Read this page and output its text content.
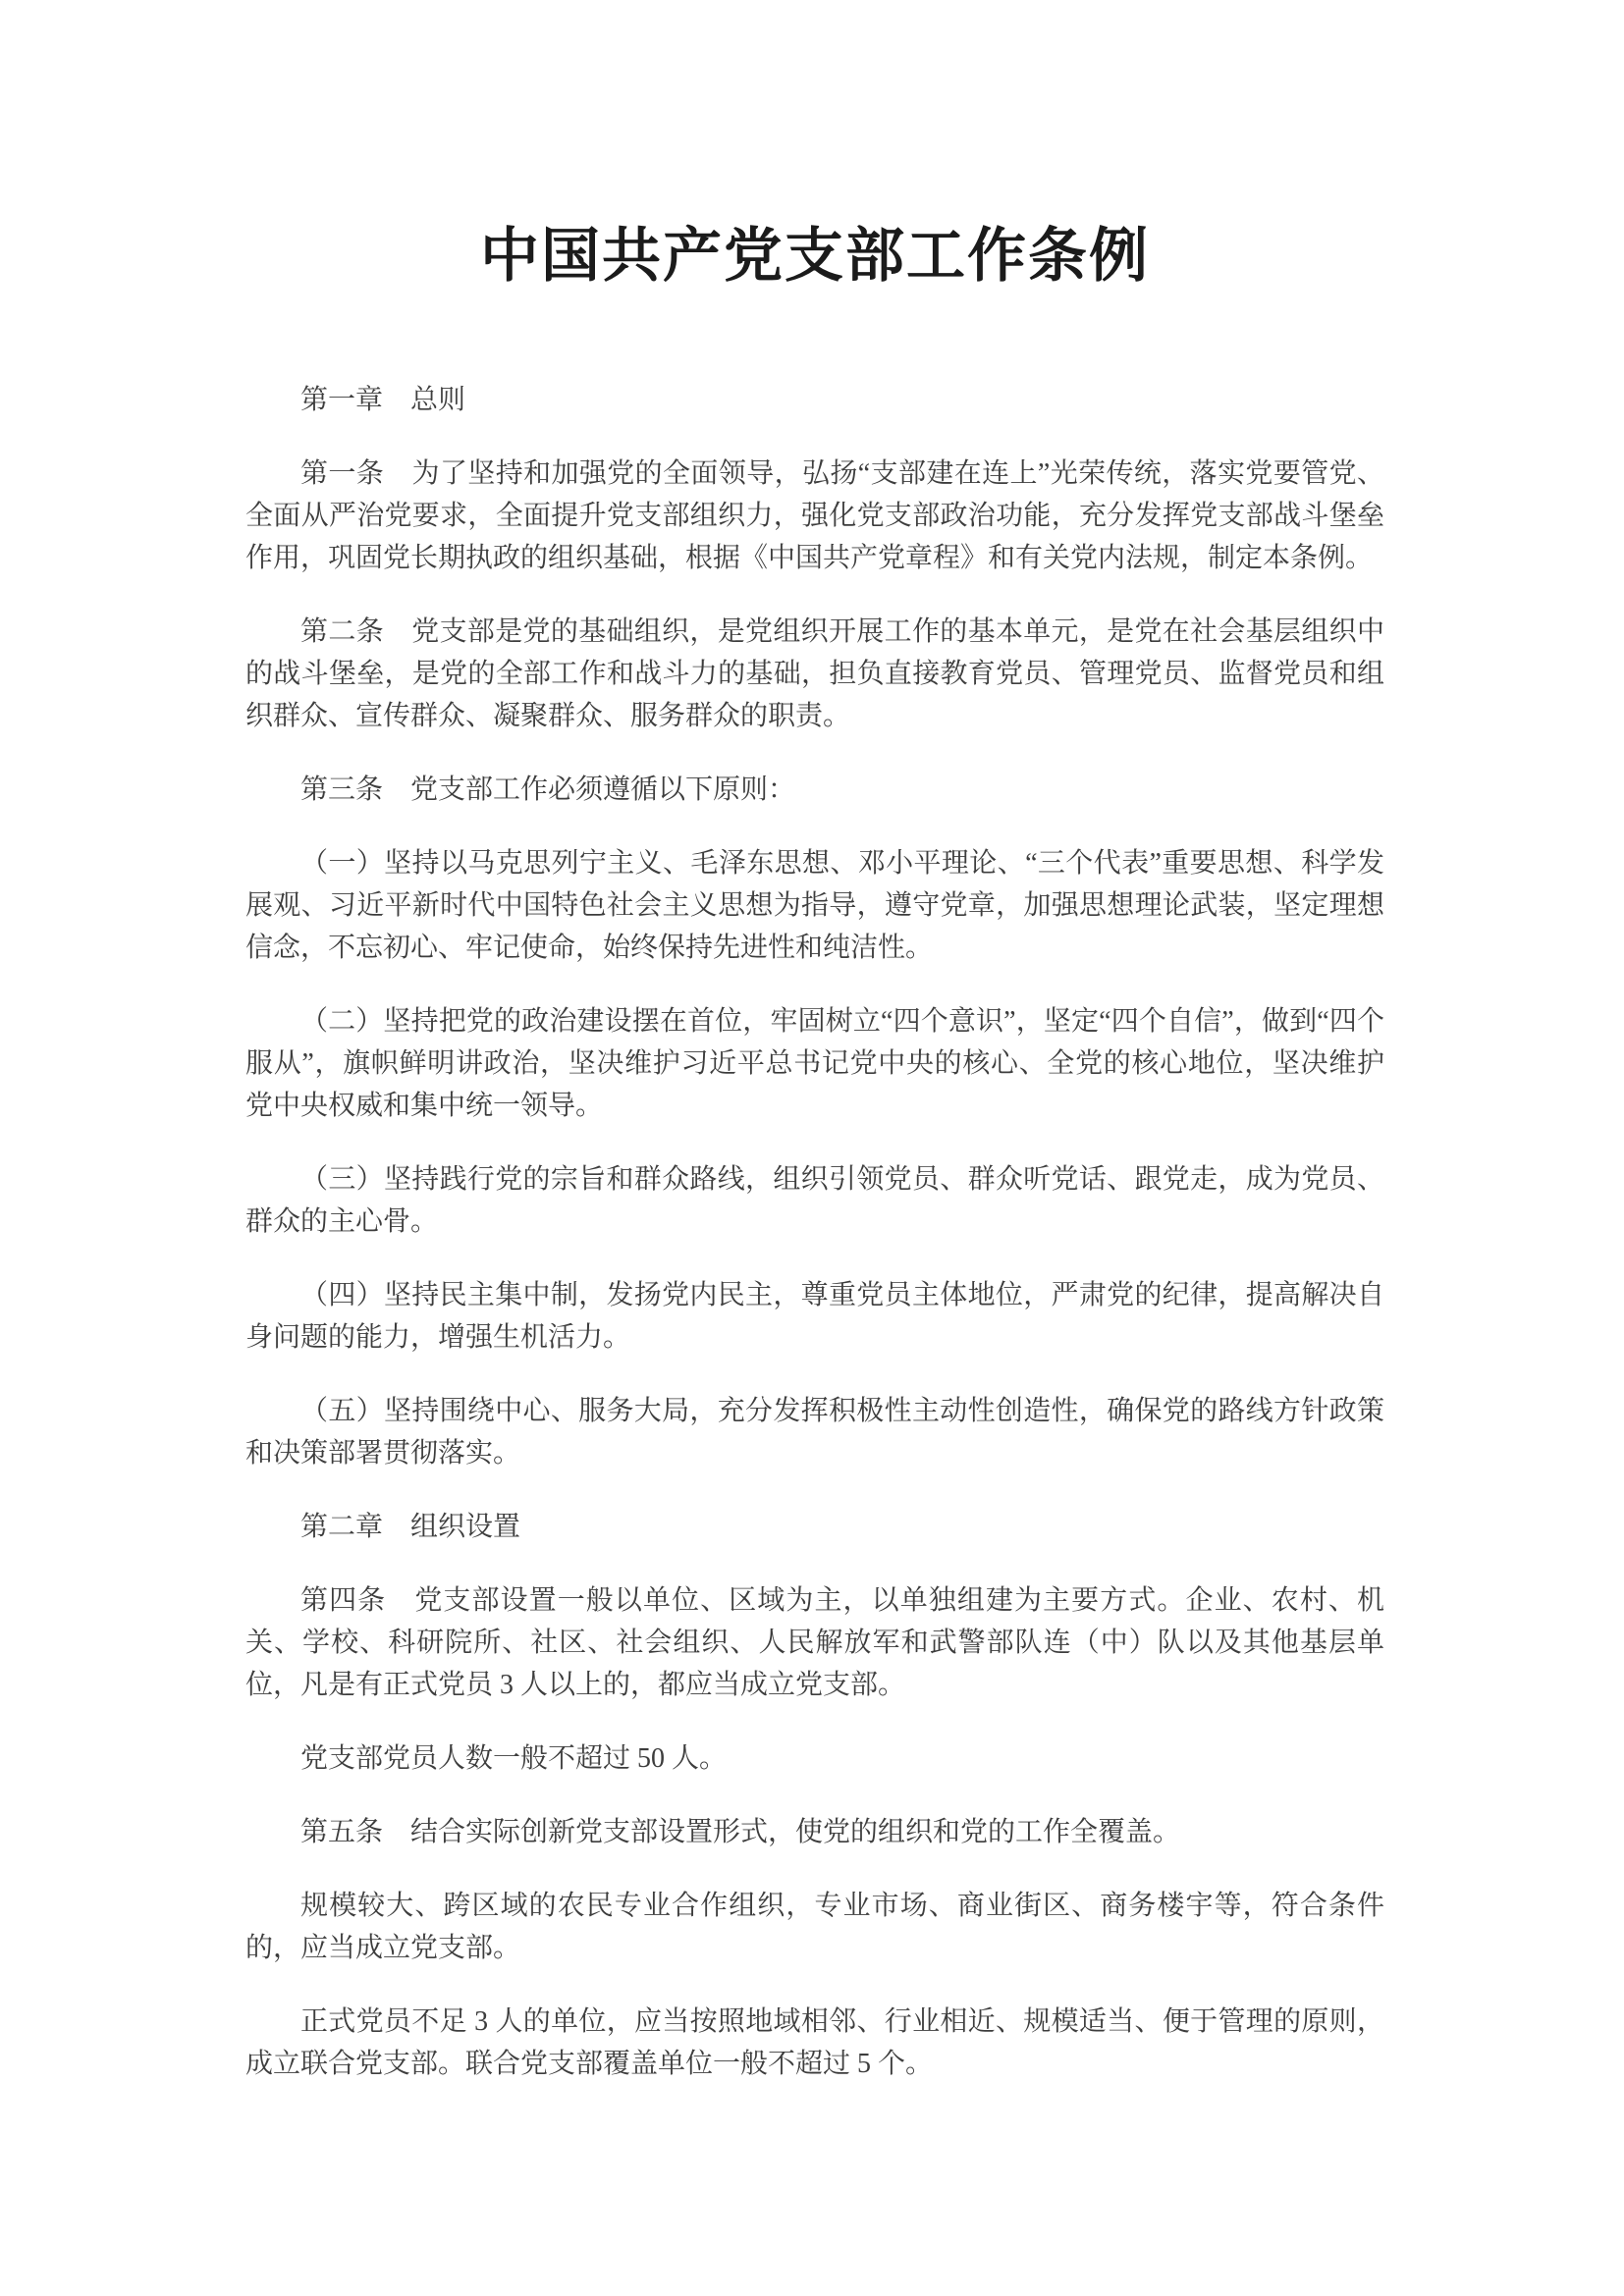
中国共产党支部工作条例

第一章　总则

第一条　为了坚持和加强党的全面领导，弘扬“支部建在连上”光荣传统，落实党要管党、全面从严治党要求，全面提升党支部组织力，强化党支部政治功能，充分发挥党支部战斗堡垒作用，巩固党长期执政的组织基础，根据《中国共产党章程》和有关党内法规，制定本条例。

第二条　党支部是党的基础组织，是党组织开展工作的基本单元，是党在社会基层组织中的战斗堡垒，是党的全部工作和战斗力的基础，担负直接教育党员、管理党员、监督党员和组织群众、宣传群众、凝聚群众、服务群众的职责。

第三条　党支部工作必须遵循以下原则：

（一）坚持以马克思列宁主义、毛泽东思想、邓小平理论、“三个代表”重要思想、科学发展观、习近平新时代中国特色社会主义思想为指导，遵守党章，加强思想理论武装，坚定理想信念，不忘初心、牢记使命，始终保持先进性和纯洁性。

（二）坚持把党的政治建设摆在首位，牢固树立“四个意识”，坚定“四个自信”，做到“四个服从”，旗帜鲜明讲政治，坚决维护习近平总书记党中央的核心、全党的核心地位，坚决维护党中央权威和集中统一领导。

（三）坚持践行党的宗旨和群众路线，组织引领党员、群众听党话、跟党走，成为党员、群众的主心骨。

（四）坚持民主集中制，发扬党内民主，尊重党员主体地位，严肃党的纪律，提高解决自身问题的能力，增强生机活力。

（五）坚持围绕中心、服务大局，充分发挥积极性主动性创造性，确保党的路线方针政策和决策部署贯彻落实。

第二章　组织设置

第四条　党支部设置一般以单位、区域为主，以单独组建为主要方式。企业、农村、机关、学校、科研院所、社区、社会组织、人民解放军和武警部队连（中）队以及其他基层单位，凡是有正式党员 3 人以上的，都应当成立党支部。

党支部党员人数一般不超过 50 人。

第五条　结合实际创新党支部设置形式，使党的组织和党的工作全覆盖。

规模较大、跨区域的农民专业合作组织，专业市场、商业街区、商务楼宇等，符合条件的，应当成立党支部。

正式党员不足 3 人的单位，应当按照地域相邻、行业相近、规模适当、便于管理的原则，成立联合党支部。联合党支部覆盖单位一般不超过 5 个。
